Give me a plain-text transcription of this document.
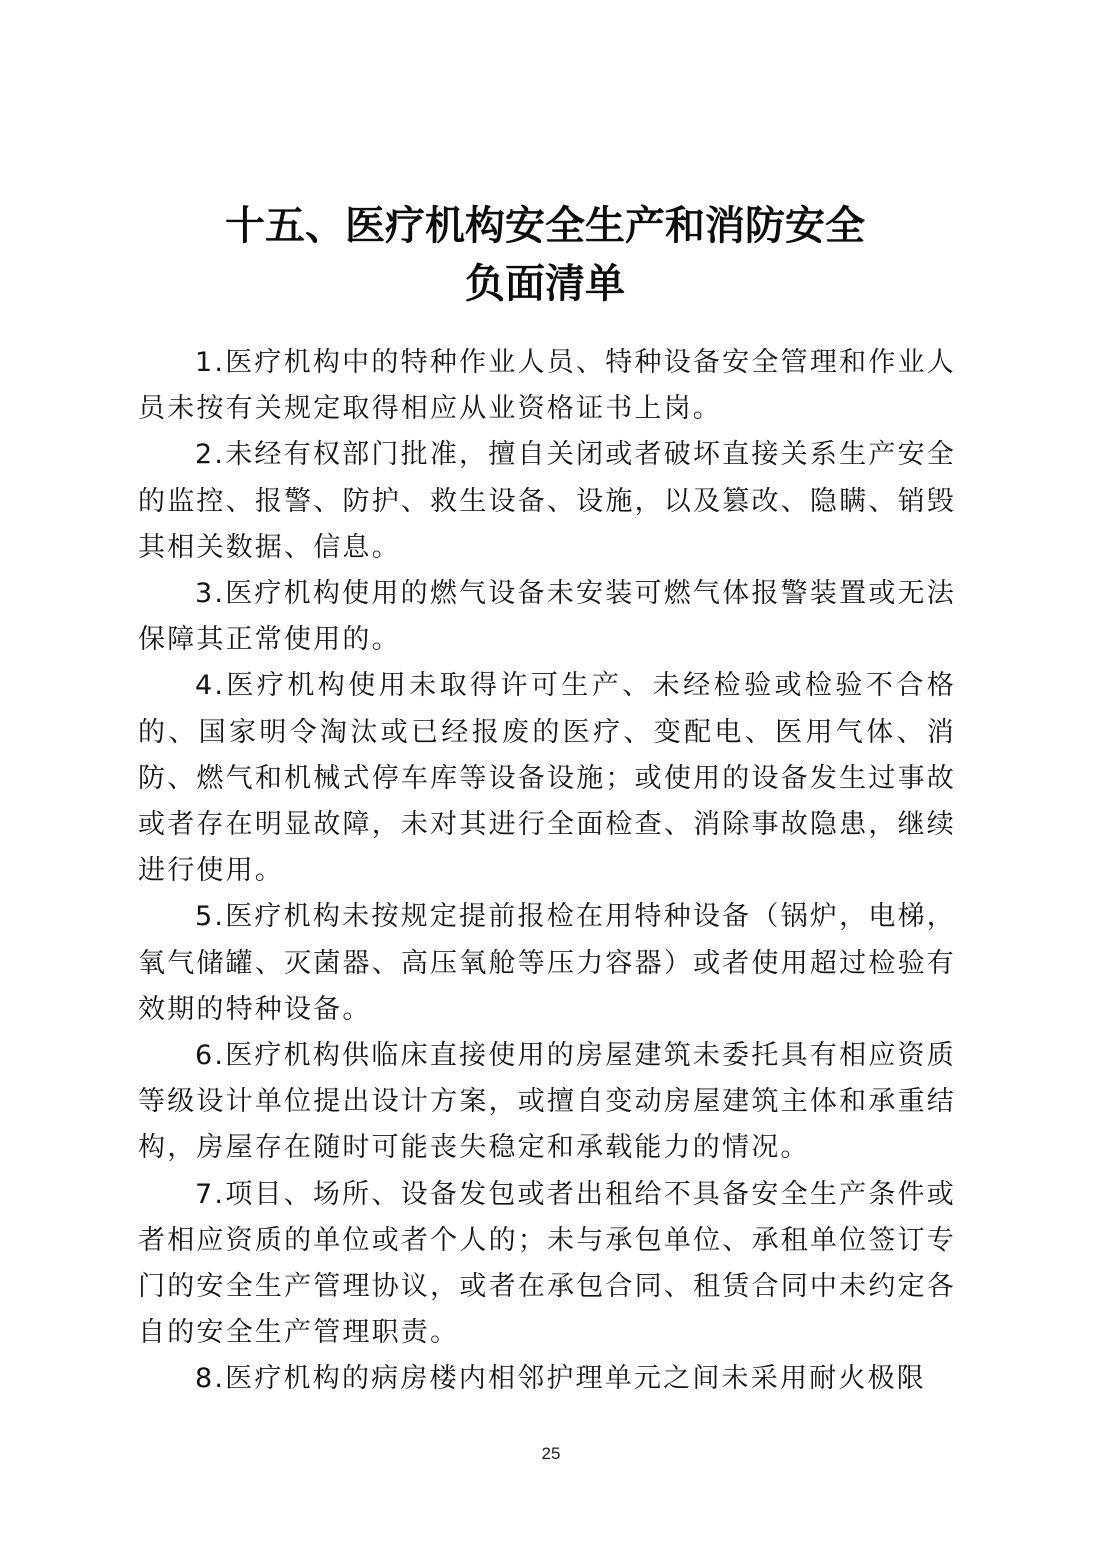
十五、医疗机构安全生产和消防安全
负面清单

1.医疗机构中的特种作业人员、特种设备安全管理和作业人员未按有关规定取得相应从业资格证书上岗。

2.未经有权部门批准，擅自关闭或者破坏直接关系生产安全的监控、报警、防护、救生设备、设施，以及篡改、隐瞒、销毁其相关数据、信息。

3.医疗机构使用的燃气设备未安装可燃气体报警装置或无法保障其正常使用的。

4.医疗机构使用未取得许可生产、未经检验或检验不合格的、国家明令淘汰或已经报废的医疗、变配电、医用气体、消防、燃气和机械式停车库等设备设施；或使用的设备发生过事故或者存在明显故障，未对其进行全面检查、消除事故隐患，继续进行使用。

5.医疗机构未按规定提前报检在用特种设备（锅炉，电梯，氧气储罐、灭菌器、高压氧舱等压力容器）或者使用超过检验有效期的特种设备。

6.医疗机构供临床直接使用的房屋建筑未委托具有相应资质等级设计单位提出设计方案，或擅自变动房屋建筑主体和承重结构，房屋存在随时可能丧失稳定和承载能力的情况。

7.项目、场所、设备发包或者出租给不具备安全生产条件或者相应资质的单位或者个人的；未与承包单位、承租单位签订专门的安全生产管理协议，或者在承包合同、租赁合同中未约定各自的安全生产管理职责。

8.医疗机构的病房楼内相邻护理单元之间未采用耐火极限

25
